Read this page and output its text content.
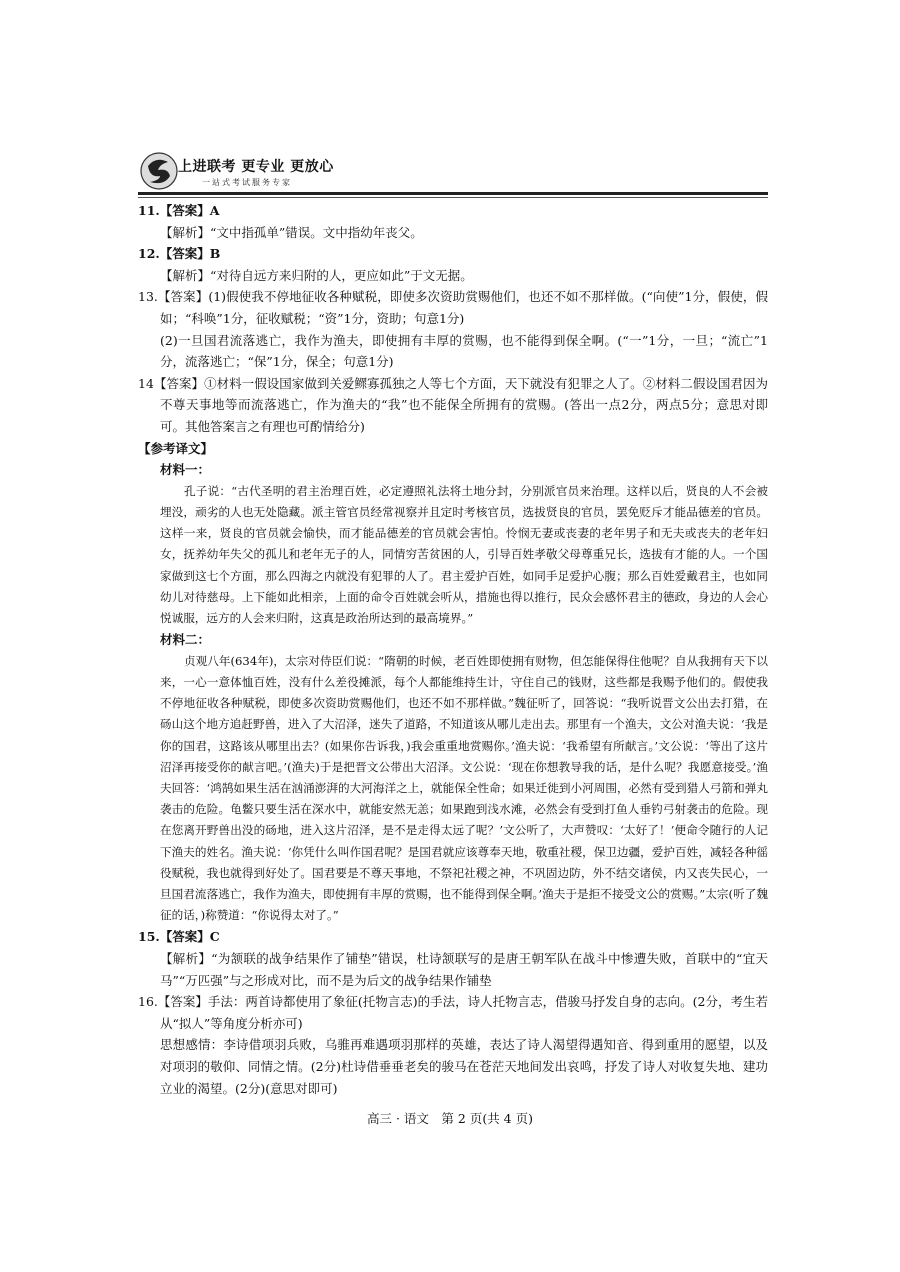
上进联考 更专业 更放心
一站式考试服务专家

11.【答案】A

【解析】“文中指孤单”错误。文中指幼年丧父。

12.【答案】B

【解析】“对待自远方来归附的人，更应如此”于文无据。

13.【答案】(1)假使我不停地征收各种赋税，即使多次资助赏赐他们，也还不如不那样做。(“向使”1分，假使，假如；“科唤”1分，征收赋税；“资”1分，资助；句意1分)

(2)一旦国君流落逃亡，我作为渔夫，即使拥有丰厚的赏赐，也不能得到保全啊。(“一”1分，一旦；“流亡”1分，流落逃亡；“保”1分，保全；句意1分)

14【答案】①材料一假设国家做到关爱鳏寡孤独之人等七个方面，天下就没有犯罪之人了。②材料二假设国君因为不尊天事地等而流落逃亡，作为渔夫的“我”也不能保全所拥有的赏赐。(答出一点2分，两点5分；意思对即可。其他答案言之有理也可酌情给分)

【参考译文】

材料一：

孔子说：“古代圣明的君主治理百姓，必定遵照礼法将土地分封，分别派官员来治理。这样以后，贤良的人不会被埋没，顽劣的人也无处隐藏。派主管官员经常视察并且定时考核官员，选拔贤良的官员，罢免贬斥才能品德差的官员。这样一来，贤良的官员就会愉快，而才能品德差的官员就会害怕。怜悯无妻或丧妻的老年男子和无夫或丧夫的老年妇女，抚养幼年失父的孤儿和老年无子的人，同情穷苦贫困的人，引导百姓孝敬父母尊重兄长，选拔有才能的人。一个国家做到这七个方面，那么四海之内就没有犯罪的人了。君主爱护百姓，如同手足爱护心腹；那么百姓爱戴君主，也如同幼儿对待慈母。上下能如此相亲，上面的命令百姓就会听从，措施也得以推行，民众会感怀君主的德政，身边的人会心悦诚服，远方的人会来归附，这真是政治所达到的最高境界。”

材料二：

贞观八年(634年)，太宗对侍臣们说：“隋朝的时候，老百姓即使拥有财物，但怎能保得住他呢？自从我拥有天下以来，一心一意体恤百姓，没有什么差役摊派，每个人都能维持生计，守住自己的钱财，这些都是我赐予他们的。假使我不停地征收各种赋税，即使多次资助赏赐他们，也还不如不那样做。”魏征听了，回答说：“我听说晋文公出去打猎，在砀山这个地方追赶野兽，进入了大沼泽，迷失了道路，不知道该从哪儿走出去。那里有一个渔夫，文公对渔夫说：‘我是你的国君，这路该从哪里出去？(如果你告诉我，)我会重重地赏赐你。’渔夫说：‘我希望有所献言。’文公说：‘等出了这片沼泽再接受你的献言吧。’(渔夫)于是把晋文公带出大沼泽。文公说：‘现在你想教导我的话，是什么呢？我愿意接受。’渔夫回答：‘鸿鹄如果生活在汹涌澎湃的大河海洋之上，就能保全性命；如果迁徙到小河周围，必然有受到猎人弓箭和弹丸袭击的危险。龟鳖只要生活在深水中，就能安然无恙；如果跑到浅水滩，必然会有受到打鱼人垂钓弓射袭击的危险。现在您离开野兽出没的砀地，进入这片沼泽，是不是走得太远了呢？’文公听了，大声赞叹：‘太好了！’便命令随行的人记下渔夫的姓名。渔夫说：‘你凭什么叫作国君呢？是国君就应该尊奉天地，敬重社稷，保卫边疆，爱护百姓，减轻各种徭役赋税，我也就得到好处了。国君要是不尊天事地，不祭祀社稷之神，不巩固边防，外不结交诸侯，内又丧失民心，一旦国君流落逃亡，我作为渔夫，即使拥有丰厚的赏赐，也不能得到保全啊。’渔夫于是拒不接受文公的赏赐。”太宗(听了魏征的话，)称赞道：“你说得太对了。”

15.【答案】C

【解析】“为颔联的战争结果作了铺垫”错误，杜诗颔联写的是唐王朝军队在战斗中惨遭失败，首联中的“宜天马”“万匹强”与之形成对比，而不是为后文的战争结果作铺垫

16.【答案】手法：两首诗都使用了象征(托物言志)的手法，诗人托物言志，借骏马抒发自身的志向。(2分，考生若从“拟人”等角度分析亦可)

思想感情：李诗借项羽兵败，乌骓再难遇项羽那样的英雄，表达了诗人渴望得遇知音、得到重用的愿望，以及对项羽的敬仰、同情之情。(2分)杜诗借垂垂老矣的骏马在苍茫天地间发出哀鸣，抒发了诗人对收复失地、建功立业的渴望。(2分)(意思对即可)

高三 · 语文　第 2 页(共 4 页)
